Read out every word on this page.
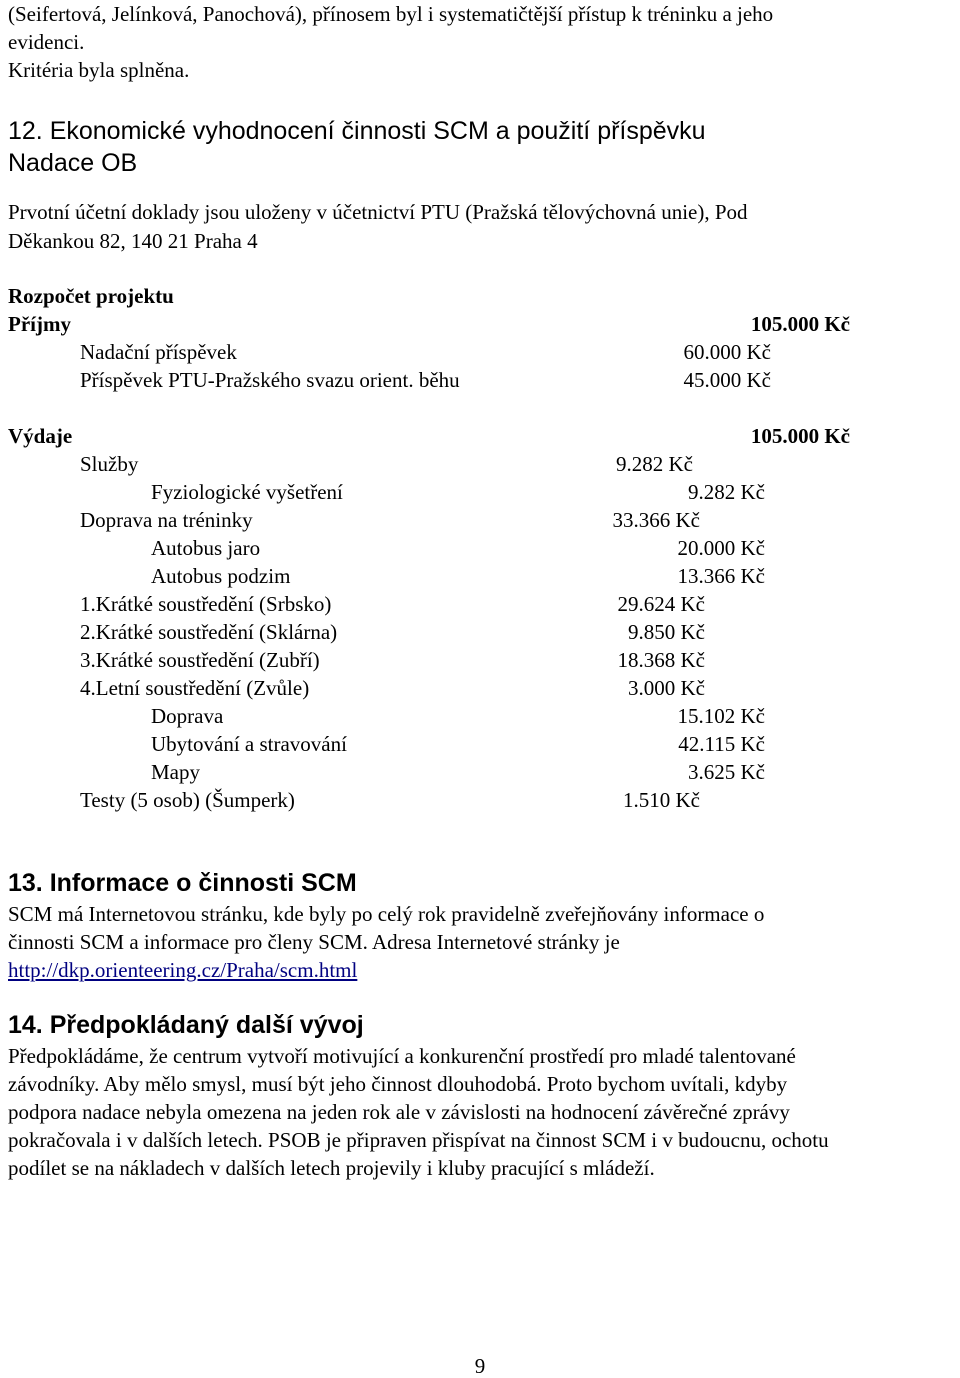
(Seifertová, Jelínková, Panochová), přínosem byl i systematičtější přístup k tréninku a jeho
evidenci.
Kritéria byla splněna.
12. Ekonomické vyhodnocení činnosti SCM a použití příspěvku
Nadace OB
Prvotní účetní doklady jsou uloženy v účetnictví PTU (Pražská tělovýchovná unie), Pod
Děkankou 82, 140 21 Praha 4
Rozpočet projektu
Příjmy	105.000 Kč
Nadační příspěvek	60.000 Kč
Příspěvek PTU-Pražského svazu orient. běhu	45.000 Kč
Výdaje	105.000 Kč
Služby	9.282 Kč
Fyziologické vyšetření	9.282 Kč
Doprava na tréninky	33.366 Kč
Autobus jaro	20.000 Kč
Autobus podzim	13.366 Kč
1.Krátké soustředění (Srbsko)	29.624 Kč
2.Krátké soustředění (Sklárna)	9.850 Kč
3.Krátké soustředění (Zubří)	18.368 Kč
4.Letní soustředění (Zvůle)	3.000 Kč
Doprava	15.102 Kč
Ubytování a stravování	42.115 Kč
Mapy	3.625 Kč
Testy (5 osob) (Šumperk)	1.510 Kč
13. Informace o činnosti SCM
SCM má Internetovou stránku, kde byly po celý rok pravidelně zveřejňovány informace o
činnosti SCM a informace pro členy SCM. Adresa Internetové stránky je
http://dkp.orienteering.cz/Praha/scm.html
14. Předpokládaný další vývoj
Předpokládáme, že centrum vytvoří motivující a konkurenční prostředí pro mladé talentované
závodníky. Aby mělo smysl, musí být jeho činnost dlouhodobá. Proto bychom uvítali, kdyby
podpora nadace nebyla omezena na jeden rok ale v závislosti na hodnocení závěrečné zprávy
pokračovala i v dalších letech. PSOB je připraven přispívat na činnost SCM i v budoucnu, ochotu
podílet se na nákladech v dalších letech projevily i kluby pracující s mládeží.
9
